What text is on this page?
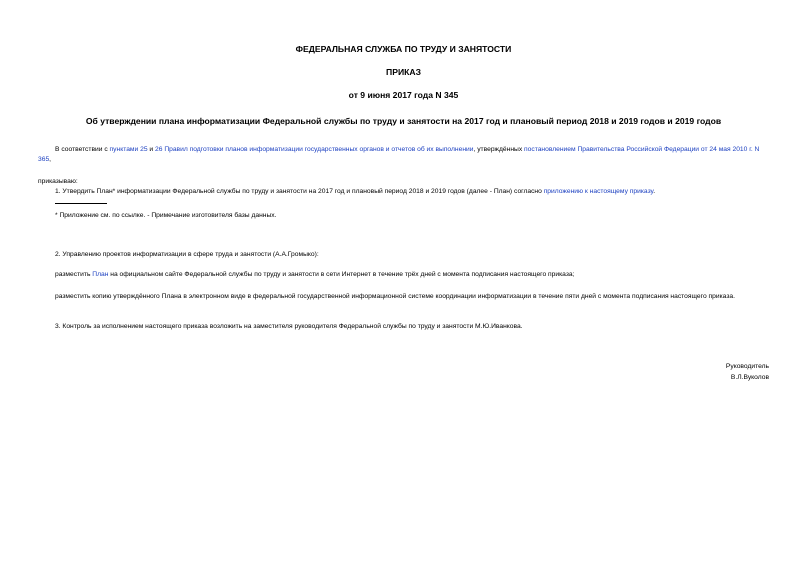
ФЕДЕРАЛЬНАЯ СЛУЖБА ПО ТРУДУ И ЗАНЯТОСТИ
ПРИКАЗ
от 9 июня 2017 года N 345
Об утверждении плана информатизации Федеральной службы по труду и занятости на 2017 год и плановый период 2018 и 2019 годов и 2019 годов
В соответствии с пунктами 25 и 26 Правил подготовки планов информатизации государственных органов и отчетов об их выполнении, утверждённых постановлением Правительства Российской Федерации от 24 мая 2010 г. N 365,
приказываю:
1. Утвердить План* информатизации Федеральной службы по труду и занятости на 2017 год и плановый период 2018 и 2019 годов (далее - План) согласно приложению к настоящему приказу.
* Приложение см. по ссылке. - Примечание изготовителя базы данных.
2. Управлению проектов информатизации в сфере труда и занятости (А.А.Громыко):
разместить План на официальном сайте Федеральной службы по труду и занятости в сети Интернет в течение трёх дней с момента подписания настоящего приказа;
разместить копию утверждённого Плана в электронном виде в федеральной государственной информационной системе координации информатизации в течение пяти дней с момента подписания настоящего приказа.
3. Контроль за исполнением настоящего приказа возложить на заместителя руководителя Федеральной службы по труду и занятости М.Ю.Иванкова.
Руководитель
В.Л.Вуколов
